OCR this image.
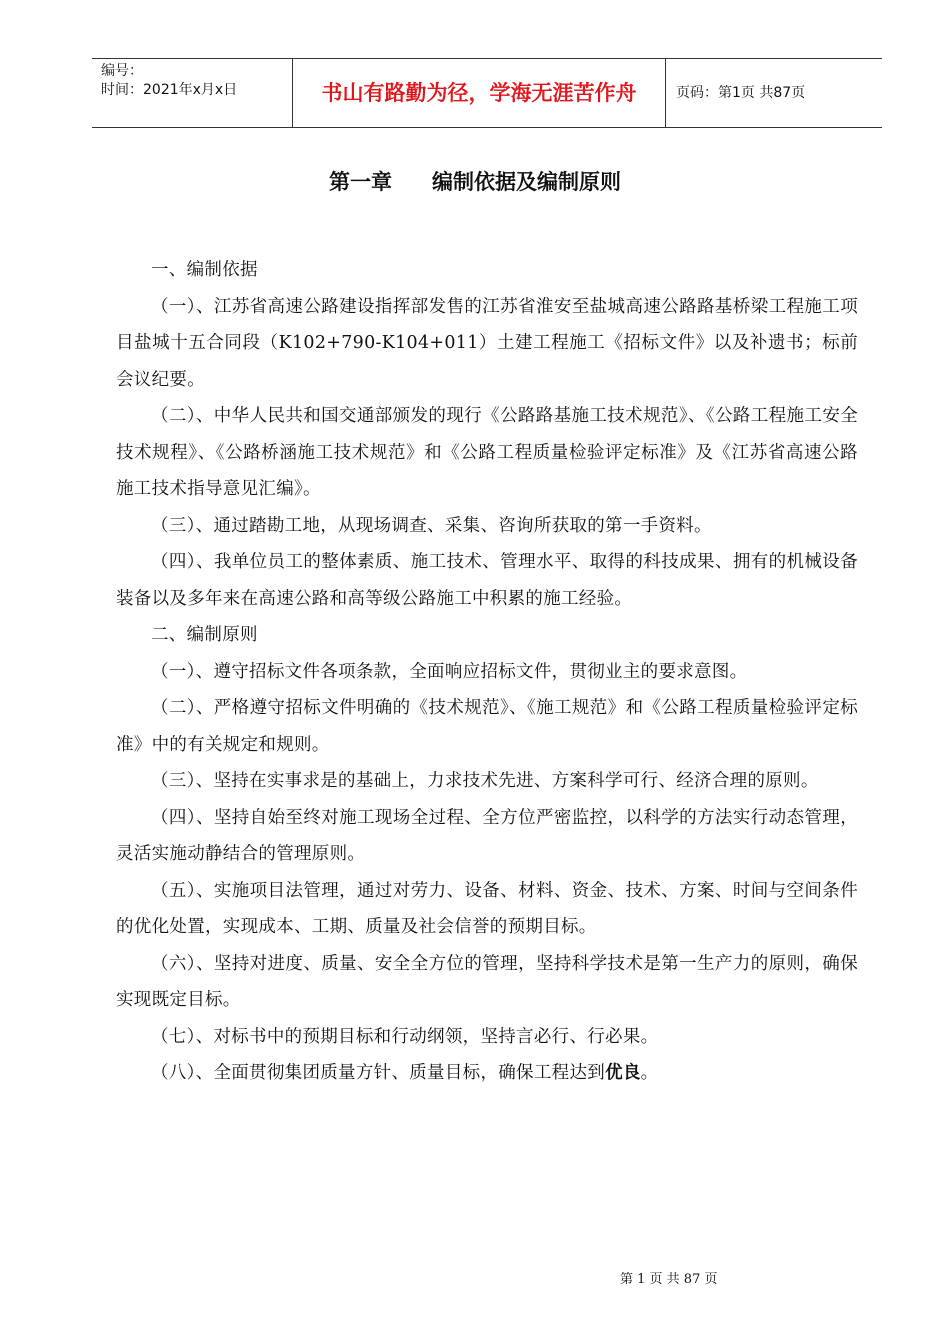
编号：
时间：2021年x月x日	书山有路勤为径，学海无涯苦作舟	页码：第1页 共87页
第一章 编制依据及编制原则

一、编制依据

（一）、江苏省高速公路建设指挥部发售的江苏省淮安至盐城高速公路路基桥梁工程施工项目盐城十五合同段（K102+790-K104+011）土建工程施工《招标文件》以及补遗书；标前会议纪要。

（二）、中华人民共和国交通部颁发的现行《公路路基施工技术规范》、《公路工程施工安全技术规程》、《公路桥涵施工技术规范》和《公路工程质量检验评定标准》及《江苏省高速公路施工技术指导意见汇编》。

（三）、通过踏勘工地，从现场调查、采集、咨询所获取的第一手资料。

（四）、我单位员工的整体素质、施工技术、管理水平、取得的科技成果、拥有的机械设备装备以及多年来在高速公路和高等级公路施工中积累的施工经验。

二、编制原则

（一）、遵守招标文件各项条款，全面响应招标文件，贯彻业主的要求意图。

（二）、严格遵守招标文件明确的《技术规范》、《施工规范》和《公路工程质量检验评定标准》中的有关规定和规则。

（三）、坚持在实事求是的基础上，力求技术先进、方案科学可行、经济合理的原则。

（四）、坚持自始至终对施工现场全过程、全方位严密监控，以科学的方法实行动态管理，灵活实施动静结合的管理原则。

（五）、实施项目法管理，通过对劳力、设备、材料、资金、技术、方案、时间与空间条件的优化处置，实现成本、工期、质量及社会信誉的预期目标。

（六）、坚持对进度、质量、安全全方位的管理，坚持科学技术是第一生产力的原则，确保实现既定目标。

（七）、对标书中的预期目标和行动纲领，坚持言必行、行必果。

（八）、全面贯彻集团质量方针、质量目标，确保工程达到优良。

第 1 页 共 87 页
